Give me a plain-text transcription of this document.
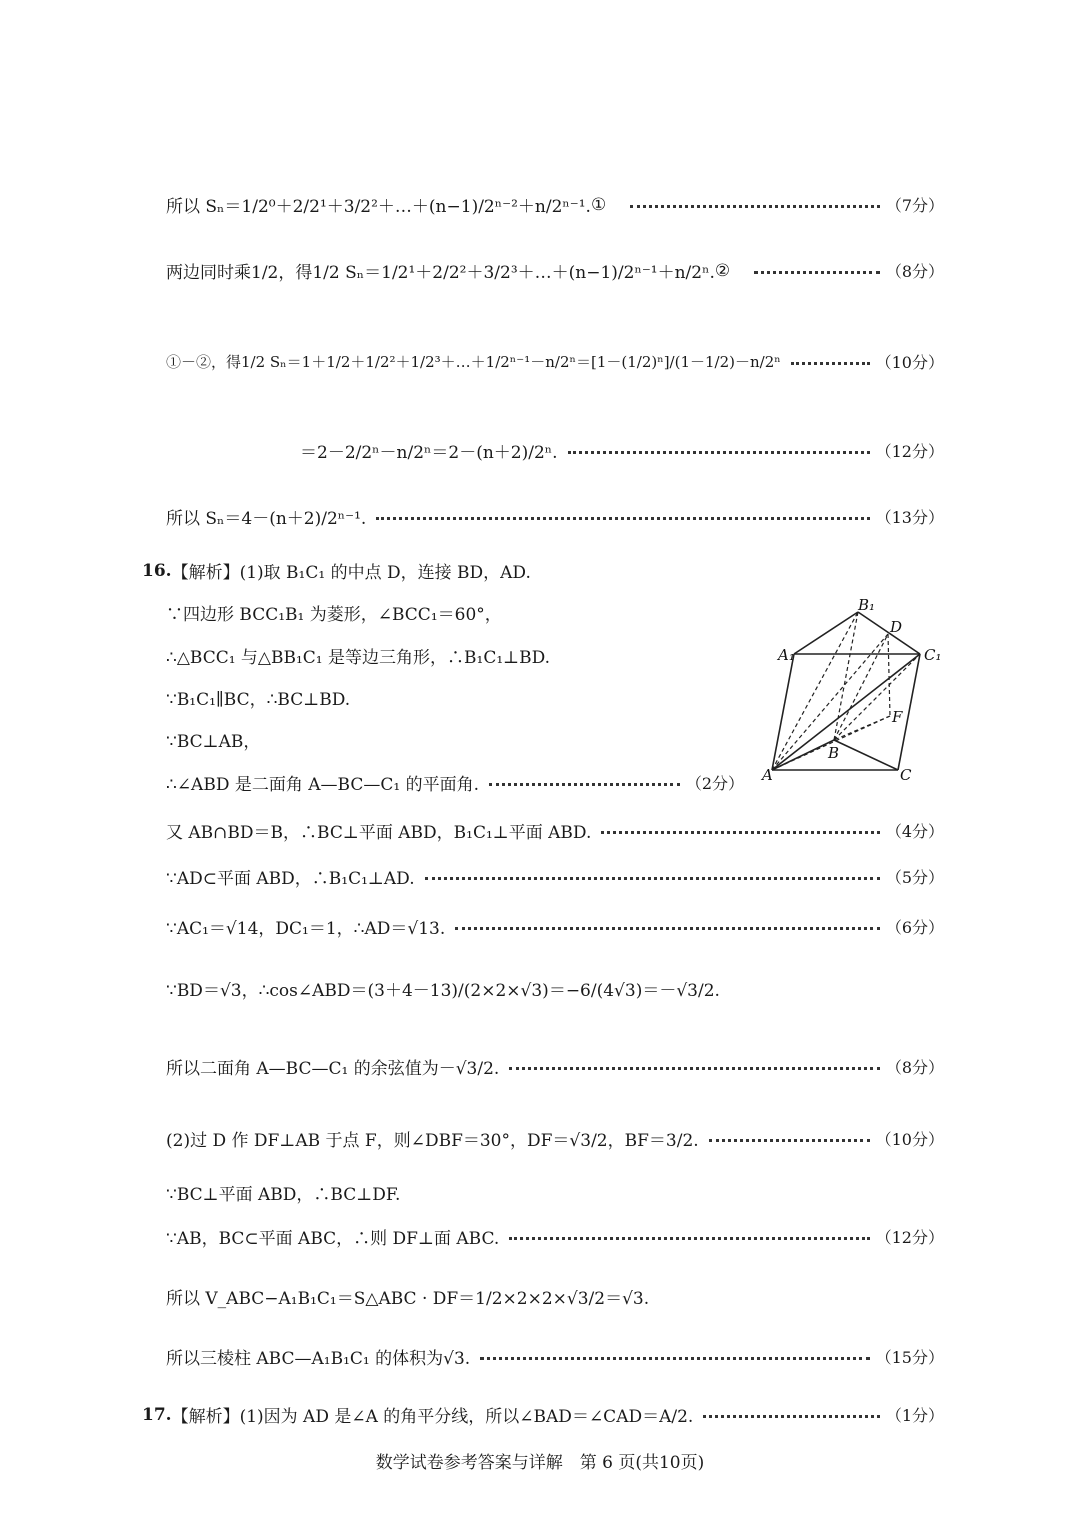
所以 Sₙ＝1/2⁰＋2/2¹＋3/2²＋…＋(n−1)/2ⁿ⁻²＋n/2ⁿ⁻¹. ①	（7分）
两边同时乘1/2，得1/2 Sₙ＝1/2¹＋2/2²＋3/2³＋…＋(n−1)/2ⁿ⁻¹＋n/2ⁿ. ②	（8分）
①－②，得1/2 Sₙ＝1＋1/2＋1/2²＋1/2³＋…＋1/2ⁿ⁻¹－n/2ⁿ＝[1－(1/2)ⁿ]/(1－1/2)－n/2ⁿ	（10分）
＝2－2/2ⁿ－n/2ⁿ＝2－(n＋2)/2ⁿ.	（12分）
所以 Sₙ＝4－(n＋2)/2ⁿ⁻¹.	（13分）
16. 【解析】(1)取 B₁C₁ 的中点 D，连接 BD，AD.
∵四边形 BCC₁B₁ 为菱形，∠BCC₁＝60°，
∴△BCC₁ 与△BB₁C₁ 是等边三角形，∴B₁C₁⊥BD.
∵B₁C₁∥BC，∴BC⊥BD.
∵BC⊥AB，
∴∠ABD 是二面角 A—BC—C₁ 的平面角.	（2分）
又 AB∩BD＝B，∴BC⊥平面 ABD，B₁C₁⊥平面 ABD.	（4分）
∵AD⊂平面 ABD，∴B₁C₁⊥AD.	（5分）
∵AC₁＝√14，DC₁＝1，∴AD＝√13.	（6分）
∵BD＝√3，∴cos∠ABD＝(3＋4－13)/(2×2×√3)＝−6/(4√3)＝－√3/2.
所以二面角 A—BC—C₁ 的余弦值为－√3/2.	（8分）
(2)过 D 作 DF⊥AB 于点 F，则∠DBF＝30°，DF＝√3/2，BF＝3/2.	（10分）
∵BC⊥平面 ABD，∴BC⊥DF.
∵AB，BC⊂平面 ABC，∴则 DF⊥面 ABC.	（12分）
所以 V_ABC−A₁B₁C₁＝S△ABC · DF＝1/2×2×2×√3/2＝√3.
所以三棱柱 ABC—A₁B₁C₁ 的体积为√3.	（15分）
17. 【解析】(1)因为 AD 是∠A 的角平分线，所以∠BAD＝∠CAD＝A/2.	（1分）
B₁
D
A₁	C₁
F
B
A	C
数学试卷参考答案与详解　第 6 页(共10页)
